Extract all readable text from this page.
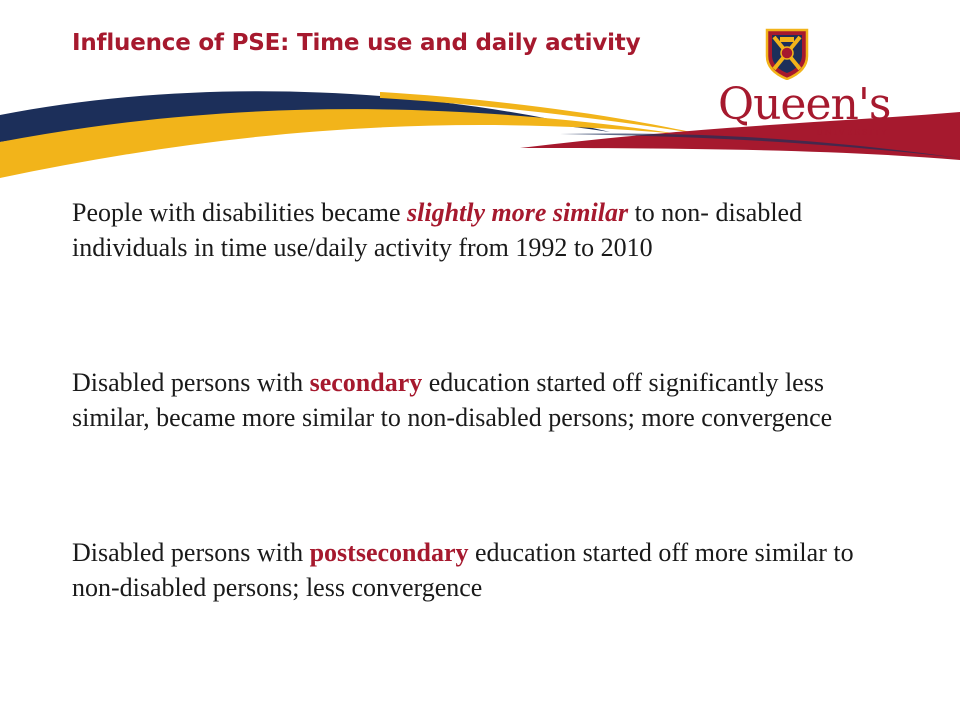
Influence of PSE: Time use and daily activity
Queen's
UNIVERSITY

People with disabilities became slightly more similar to non- disabled individuals in time use/daily activity from 1992 to 2010

Disabled persons with secondary education started off significantly less similar, became more similar to non-disabled persons; more convergence

Disabled persons with postsecondary education started off more similar to non-disabled persons; less convergence
